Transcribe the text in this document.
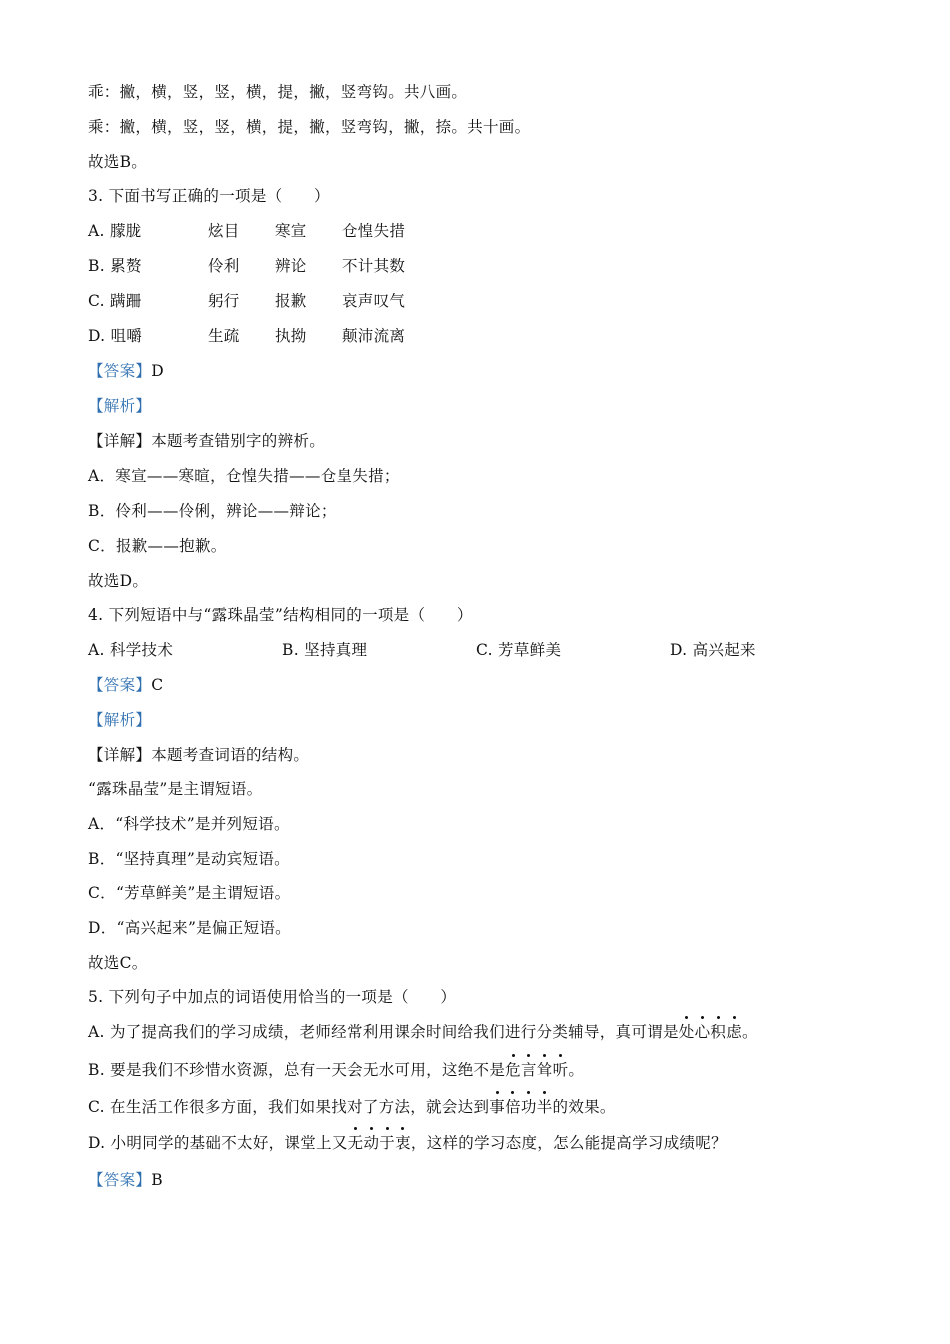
乖：撇，横，竖，竖，横，提，撇，竖弯钩。共八画。
乘：撇，横，竖，竖，横，提，撇，竖弯钩，撇，捺。共十画。
故选B。
3. 下面书写正确的一项是（　　）
A. 朦胧	炫目	寒宣	仓惶失措
B. 累赘	伶利	辨论	不计其数
C. 蹒跚	躬行	报歉	哀声叹气
D. 咀嚼	生疏	执拗	颠沛流离
【答案】D
【解析】
【详解】本题考查错别字的辨析。
A．寒宣——寒暄，仓惶失措——仓皇失措；
B．伶利——伶俐，辨论——辩论；
C．报歉——抱歉。
故选D。
4. 下列短语中与“露珠晶莹”结构相同的一项是（　　）
A. 科学技术	B. 坚持真理	C. 芳草鲜美	D. 高兴起来
【答案】C
【解析】
【详解】本题考查词语的结构。
“露珠晶莹”是主谓短语。
A．“科学技术”是并列短语。
B．“坚持真理”是动宾短语。
C．“芳草鲜美”是主谓短语。
D．“高兴起来”是偏正短语。
故选C。
5. 下列句子中加点的词语使用恰当的一项是（　　）
A. 为了提高我们的学习成绩，老师经常利用课余时间给我们进行分类辅导，真可谓是处心积虑。
B. 要是我们不珍惜水资源，总有一天会无水可用，这绝不是危言耸听。
C. 在生活工作很多方面，我们如果找对了方法，就会达到事倍功半的效果。
D. 小明同学的基础不太好，课堂上又无动于衷，这样的学习态度，怎么能提高学习成绩呢？
【答案】B
